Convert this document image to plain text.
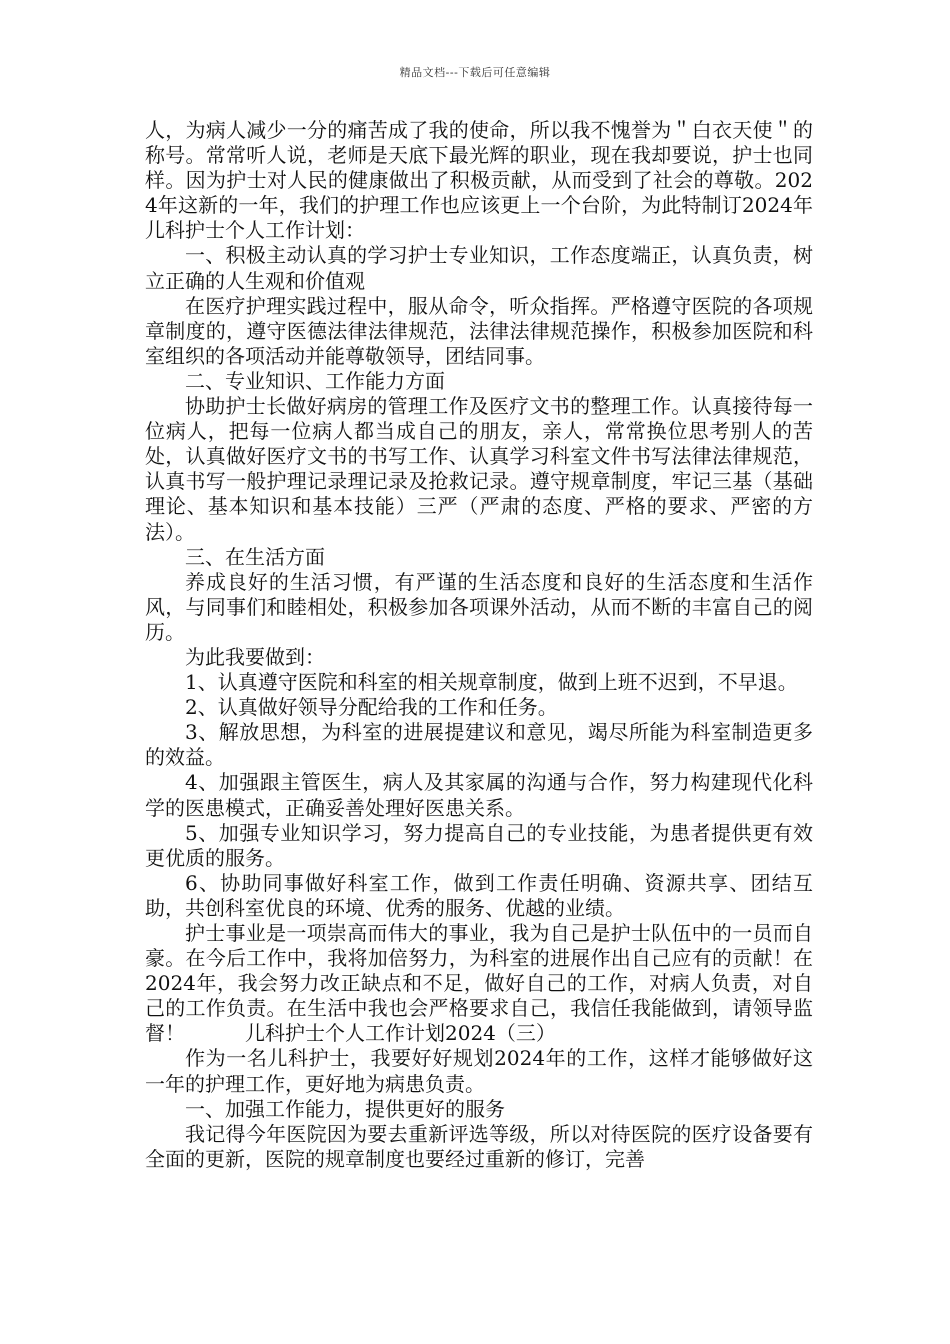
精品文档---下载后可任意编辑

人，为病人减少一分的痛苦成了我的使命，所以我不愧誉为＂白衣天使＂的称号。常常听人说，老师是天底下最光辉的职业，现在我却要说，护士也同样。因为护士对人民的健康做出了积极贡献，从而受到了社会的尊敬。2024年这新的一年，我们的护理工作也应该更上一个台阶，为此特制订2024年儿科护士个人工作计划：

一、积极主动认真的学习护士专业知识，工作态度端正，认真负责，树立正确的人生观和价值观

在医疗护理实践过程中，服从命令，听众指挥。严格遵守医院的各项规章制度的，遵守医德法律法律规范，法律法律规范操作，积极参加医院和科室组织的各项活动并能尊敬领导，团结同事。

二、专业知识、工作能力方面

协助护士长做好病房的管理工作及医疗文书的整理工作。认真接待每一位病人，把每一位病人都当成自己的朋友，亲人，常常换位思考别人的苦处，认真做好医疗文书的书写工作、认真学习科室文件书写法律法律规范，认真书写一般护理记录理记录及抢救记录。遵守规章制度，牢记三基（基础理论、基本知识和基本技能）三严（严肃的态度、严格的要求、严密的方法）。

三、在生活方面

养成良好的生活习惯，有严谨的生活态度和良好的生活态度和生活作风，与同事们和睦相处，积极参加各项课外活动，从而不断的丰富自己的阅历。

为此我要做到：

1、认真遵守医院和科室的相关规章制度，做到上班不迟到，不早退。

2、认真做好领导分配给我的工作和任务。

3、解放思想，为科室的进展提建议和意见，竭尽所能为科室制造更多的效益。

4、加强跟主管医生，病人及其家属的沟通与合作，努力构建现代化科学的医患模式，正确妥善处理好医患关系。

5、加强专业知识学习，努力提高自己的专业技能，为患者提供更有效更优质的服务。

6、协助同事做好科室工作，做到工作责任明确、资源共享、团结互助，共创科室优良的环境、优秀的服务、优越的业绩。

护士事业是一项崇高而伟大的事业，我为自己是护士队伍中的一员而自豪。在今后工作中，我将加倍努力，为科室的进展作出自己应有的贡献！在2024年，我会努力改正缺点和不足，做好自己的工作，对病人负责，对自己的工作负责。在生活中我也会严格要求自己，我信任我能做到，请领导监督！　　　儿科护士个人工作计划2024（三）

作为一名儿科护士，我要好好规划2024年的工作，这样才能够做好这一年的护理工作，更好地为病患负责。

一、加强工作能力，提供更好的服务

我记得今年医院因为要去重新评选等级，所以对待医院的医疗设备要有全面的更新，医院的规章制度也要经过重新的修订，完善
